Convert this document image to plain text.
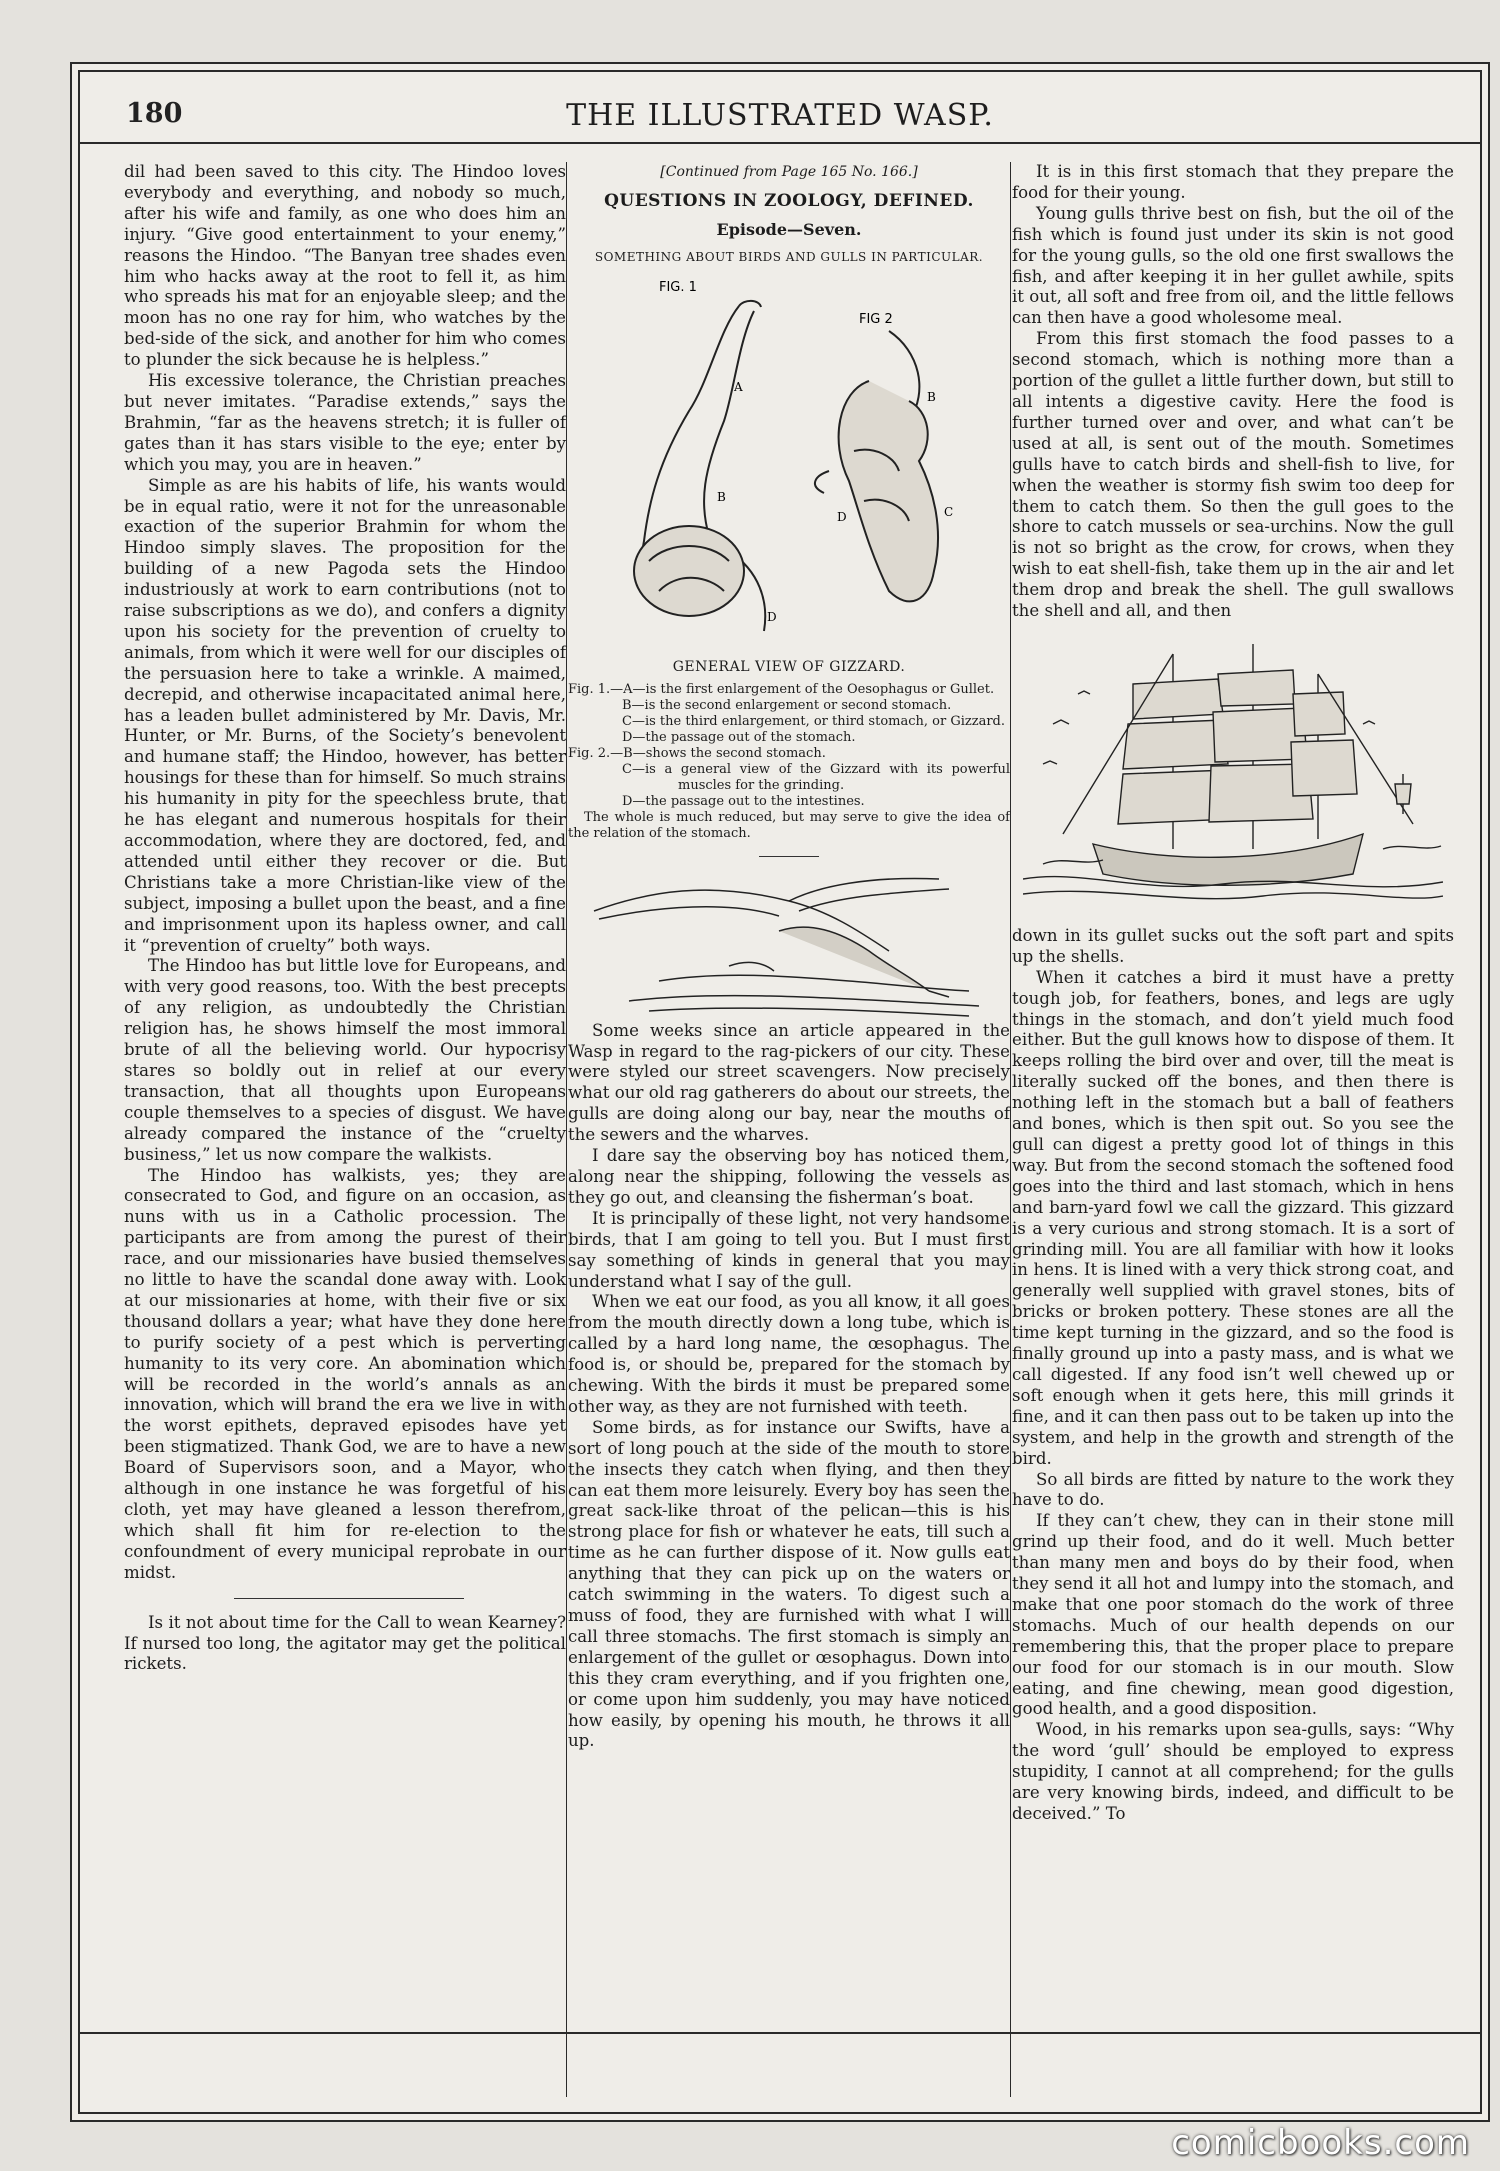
180	THE ILLUSTRATED WASP.

dil had been saved to this city. The Hindoo loves everybody and everything, and nobody so much, after his wife and family, as one who does him an injury. “Give good entertainment to your enemy,” reasons the Hindoo. “The Banyan tree shades even him who hacks away at the root to fell it, as him who spreads his mat for an enjoyable sleep; and the moon has no one ray for him, who watches by the bed-side of the sick, and another for him who comes to plunder the sick because he is helpless.”

His excessive tolerance, the Christian preaches but never imitates. “Paradise extends,” says the Brahmin, “far as the heavens stretch; it is fuller of gates than it has stars visible to the eye; enter by which you may, you are in heaven.”

Simple as are his habits of life, his wants would be in equal ratio, were it not for the unreasonable exaction of the superior Brahmin for whom the Hindoo simply slaves. The proposition for the building of a new Pagoda sets the Hindoo industriously at work to earn contributions (not to raise subscriptions as we do), and confers a dignity upon his society for the prevention of cruelty to animals, from which it were well for our disciples of the persuasion here to take a wrinkle. A maimed, decrepid, and otherwise incapacitated animal here, has a leaden bullet administered by Mr. Davis, Mr. Hunter, or Mr. Burns, of the Society’s benevolent and humane staff; the Hindoo, however, has better housings for these than for himself. So much strains his humanity in pity for the speechless brute, that he has elegant and numerous hospitals for their accommodation, where they are doctored, fed, and attended until either they recover or die. But Christians take a more Christian-like view of the subject, imposing a bullet upon the beast, and a fine and imprisonment upon its hapless owner, and call it “prevention of cruelty” both ways.

The Hindoo has but little love for Europeans, and with very good reasons, too. With the best precepts of any religion, as undoubtedly the Christian religion has, he shows himself the most immoral brute of all the believing world. Our hypocrisy stares so boldly out in relief at our every transaction, that all thoughts upon Europeans couple themselves to a species of disgust. We have already compared the instance of the “cruelty business,” let us now compare the walkists.

The Hindoo has walkists, yes; they are consecrated to God, and figure on an occasion, as nuns with us in a Catholic procession. The participants are from among the purest of their race, and our missionaries have busied themselves no little to have the scandal done away with. Look at our missionaries at home, with their five or six thousand dollars a year; what have they done here to purify society of a pest which is perverting humanity to its very core. An abomination which will be recorded in the world’s annals as an innovation, which will brand the era we live in with the worst epithets, depraved episodes have yet been stigmatized. Thank God, we are to have a new Board of Supervisors soon, and a Mayor, who although in one instance he was forgetful of his cloth, yet may have gleaned a lesson therefrom, which shall fit him for re-election to the confoundment of every municipal reprobate in our midst.

Is it not about time for the Call to wean Kearney? If nursed too long, the agitator may get the political rickets.

[Continued from Page 165 No. 166.]
QUESTIONS IN ZOOLOGY, DEFINED.
Episode—Seven.
SOMETHING ABOUT BIRDS AND GULLS IN PARTICULAR.
FIG. 1
FIG 2
A
B
D
B
C
D
GENERAL VIEW OF GIZZARD.
Fig. 1.—A—is the first enlargement of the Oesophagus or Gullet.
B—is the second enlargement or second stomach.
C—is the third enlargement, or third stomach, or Gizzard.
D—the passage out of the stomach.
Fig. 2.—B—shows the second stomach.
C—is a general view of the Gizzard with its powerful muscles for the grinding.
D—the passage out to the intestines.
The whole is much reduced, but may serve to give the idea of the relation of the stomach.

Some weeks since an article appeared in the Wasp in regard to the rag-pickers of our city. These were styled our street scavengers. Now precisely what our old rag gatherers do about our streets, the gulls are doing along our bay, near the mouths of the sewers and the wharves.

I dare say the observing boy has noticed them, along near the shipping, following the vessels as they go out, and cleansing the fisherman’s boat.

It is principally of these light, not very handsome birds, that I am going to tell you. But I must first say something of kinds in general that you may understand what I say of the gull.

When we eat our food, as you all know, it all goes from the mouth directly down a long tube, which is called by a hard long name, the œsophagus. The food is, or should be, prepared for the stomach by chewing. With the birds it must be prepared some other way, as they are not furnished with teeth.

Some birds, as for instance our Swifts, have a sort of long pouch at the side of the mouth to store the insects they catch when flying, and then they can eat them more leisurely. Every boy has seen the great sack-like throat of the pelican—this is his strong place for fish or whatever he eats, till such a time as he can further dispose of it. Now gulls eat anything that they can pick up on the waters or catch swimming in the waters. To digest such a muss of food, they are furnished with what I will call three stomachs. The first stomach is simply an enlargement of the gullet or œsophagus. Down into this they cram everything, and if you frighten one, or come upon him suddenly, you may have noticed how easily, by opening his mouth, he throws it all up.

It is in this first stomach that they prepare the food for their young.

Young gulls thrive best on fish, but the oil of the fish which is found just under its skin is not good for the young gulls, so the old one first swallows the fish, and after keeping it in her gullet awhile, spits it out, all soft and free from oil, and the little fellows can then have a good wholesome meal.

From this first stomach the food passes to a second stomach, which is nothing more than a portion of the gullet a little further down, but still to all intents a digestive cavity. Here the food is further turned over and over, and what can’t be used at all, is sent out of the mouth. Sometimes gulls have to catch birds and shell-fish to live, for when the weather is stormy fish swim too deep for them to catch them. So then the gull goes to the shore to catch mussels or sea-urchins. Now the gull is not so bright as the crow, for crows, when they wish to eat shell-fish, take them up in the air and let them drop and break the shell. The gull swallows the shell and all, and then

down in its gullet sucks out the soft part and spits up the shells.

When it catches a bird it must have a pretty tough job, for feathers, bones, and legs are ugly things in the stomach, and don’t yield much food either. But the gull knows how to dispose of them. It keeps rolling the bird over and over, till the meat is literally sucked off the bones, and then there is nothing left in the stomach but a ball of feathers and bones, which is then spit out. So you see the gull can digest a pretty good lot of things in this way. But from the second stomach the softened food goes into the third and last stomach, which in hens and barn-yard fowl we call the gizzard. This gizzard is a very curious and strong stomach. It is a sort of grinding mill. You are all familiar with how it looks in hens. It is lined with a very thick strong coat, and generally well supplied with gravel stones, bits of bricks or broken pottery. These stones are all the time kept turning in the gizzard, and so the food is finally ground up into a pasty mass, and is what we call digested. If any food isn’t well chewed up or soft enough when it gets here, this mill grinds it fine, and it can then pass out to be taken up into the system, and help in the growth and strength of the bird.

So all birds are fitted by nature to the work they have to do.

If they can’t chew, they can in their stone mill grind up their food, and do it well. Much better than many men and boys do by their food, when they send it all hot and lumpy into the stomach, and make that one poor stomach do the work of three stomachs. Much of our health depends on our remembering this, that the proper place to prepare our food for our stomach is in our mouth. Slow eating, and fine chewing, mean good digestion, good health, and a good disposition.

Wood, in his remarks upon sea-gulls, says: “Why the word ‘gull’ should be employed to express stupidity, I cannot at all comprehend; for the gulls are very knowing birds, indeed, and difficult to be deceived.” To

comicbooks.com
